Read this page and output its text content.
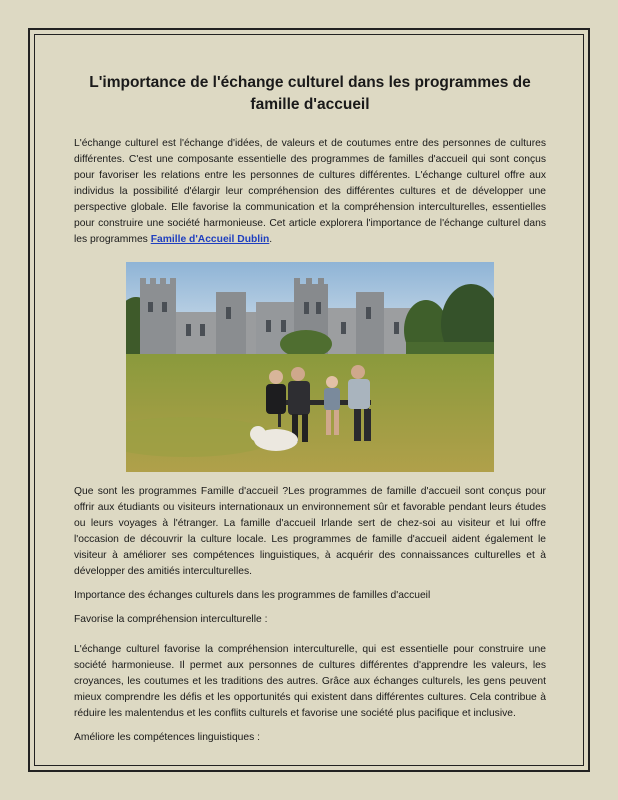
L'importance de l'échange culturel dans les programmes de famille d'accueil

L'échange culturel est l'échange d'idées, de valeurs et de coutumes entre des personnes de cultures différentes. C'est une composante essentielle des programmes de familles d'accueil qui sont conçus pour favoriser les relations entre les personnes de cultures différentes. L'échange culturel offre aux individus la possibilité d'élargir leur compréhension des différentes cultures et de développer une perspective globale. Elle favorise la communication et la compréhension interculturelles, essentielles pour construire une société harmonieuse. Cet article explorera l'importance de l'échange culturel dans les programmes Famille d'Accueil Dublin.

Que sont les programmes Famille d'accueil ?Les programmes de famille d'accueil sont conçus pour offrir aux étudiants ou visiteurs internationaux un environnement sûr et favorable pendant leurs études ou leurs voyages à l'étranger. La famille d'accueil Irlande sert de chez-soi au visiteur et lui offre l'occasion de découvrir la culture locale. Les programmes de famille d'accueil aident également le visiteur à améliorer ses compétences linguistiques, à acquérir des connaissances culturelles et à développer des amitiés interculturelles.

Importance des échanges culturels dans les programmes de familles d'accueil

Favorise la compréhension interculturelle :

L'échange culturel favorise la compréhension interculturelle, qui est essentielle pour construire une société harmonieuse. Il permet aux personnes de cultures différentes d'apprendre les valeurs, les croyances, les coutumes et les traditions des autres. Grâce aux échanges culturels, les gens peuvent mieux comprendre les défis et les opportunités qui existent dans différentes cultures. Cela contribue à réduire les malentendus et les conflits culturels et favorise une société plus pacifique et inclusive.

Améliore les compétences linguistiques :
